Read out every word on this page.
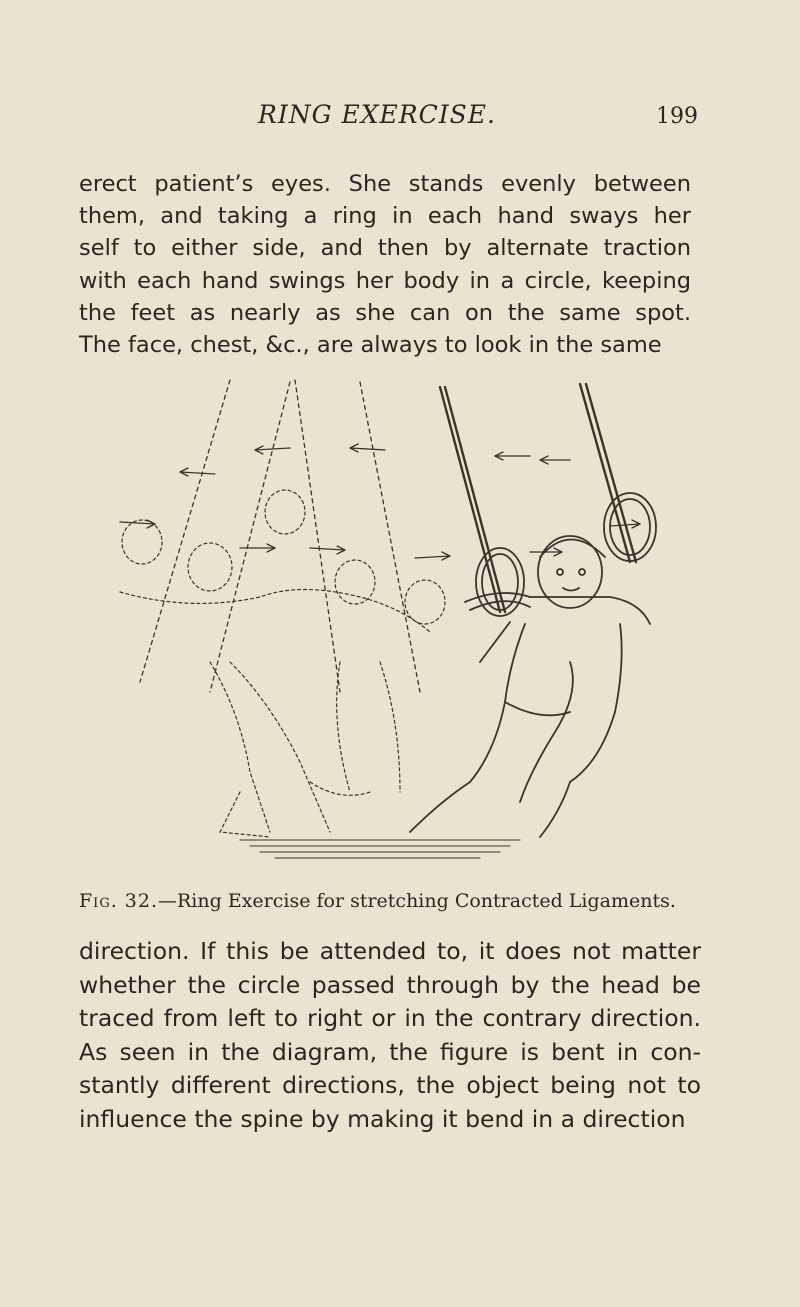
RING EXERCISE.	199
erect patient’s eyes. She stands evenly between
them, and taking a ring in each hand sways her
self to either side, and then by alternate traction
with each hand swings her body in a circle, keeping
the feet as nearly as she can on the same spot.
The face, chest, &c., are always to look in the same
Fig. 32.—Ring Exercise for stretching Contracted Ligaments.
direction. If this be attended to, it does not matter
whether the circle passed through by the head be
traced from left to right or in the contrary direction.
As seen in the diagram, the figure is bent in con-
stantly different directions, the object being not to
influence the spine by making it bend in a direction
